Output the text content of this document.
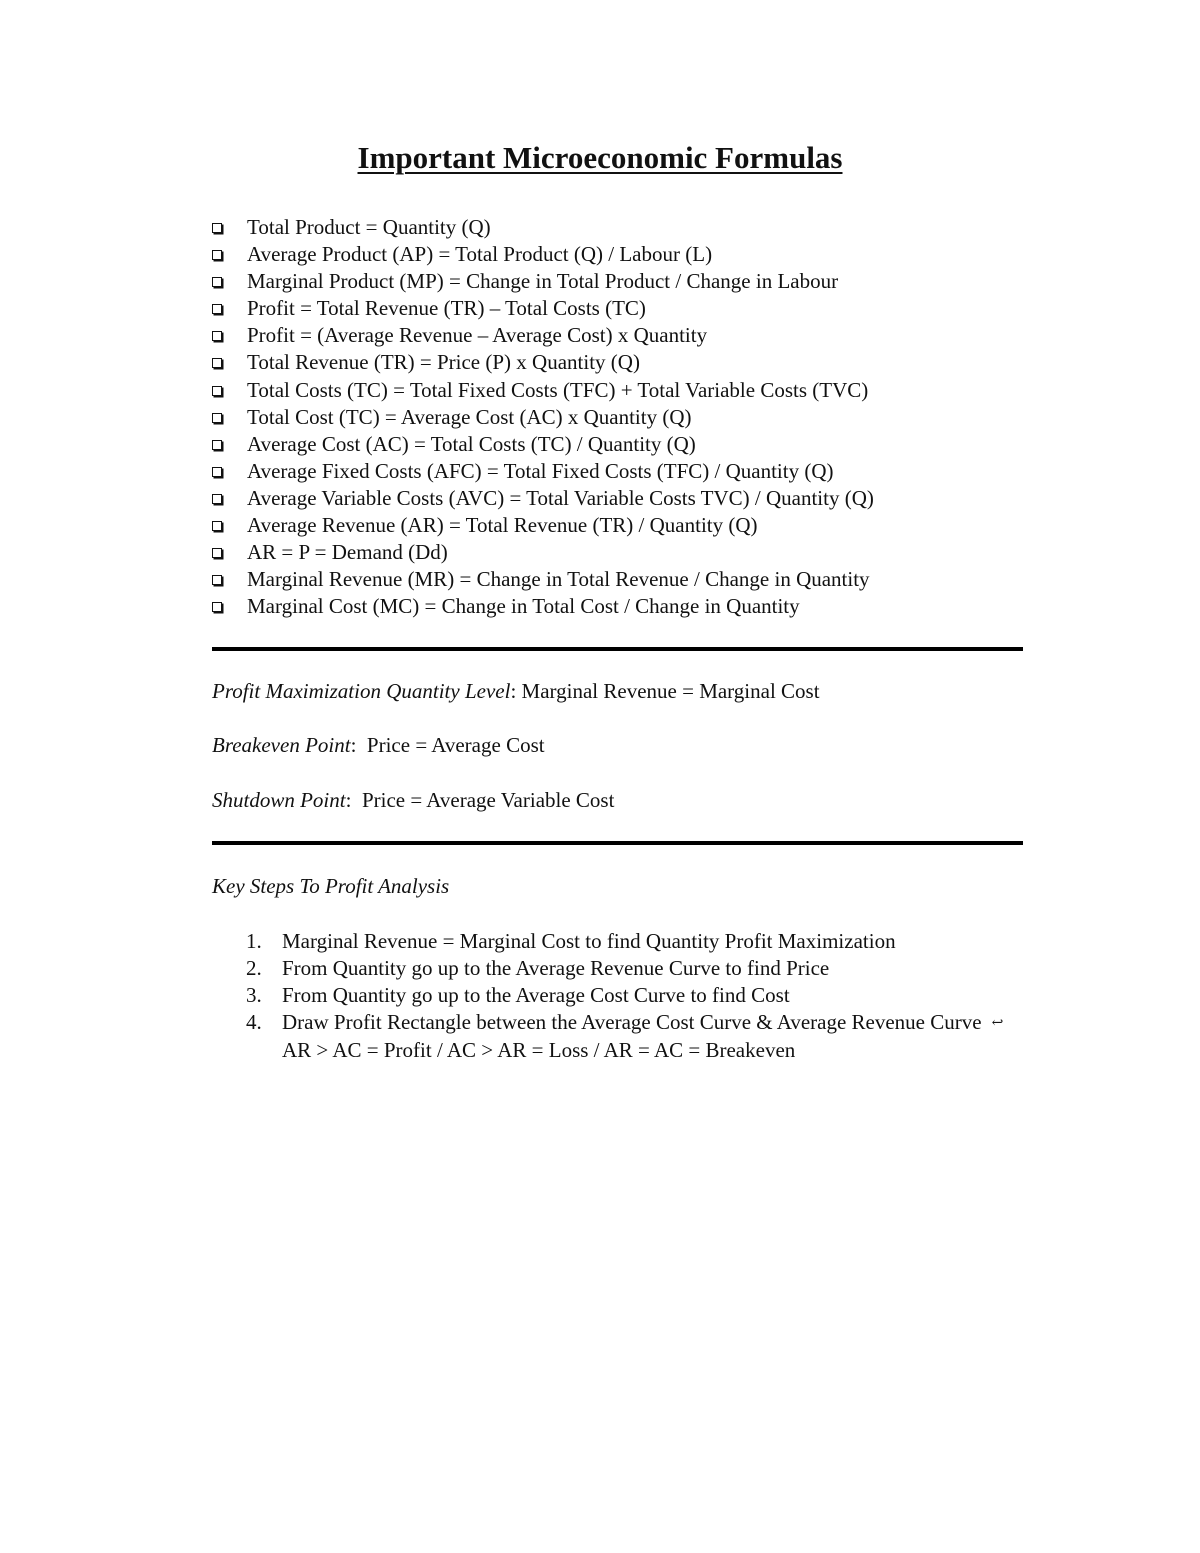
Important Microeconomic Formulas
Total Product = Quantity (Q)
Average Product (AP) = Total Product (Q) / Labour (L)
Marginal Product (MP) = Change in Total Product / Change in Labour
Profit = Total Revenue (TR) – Total Costs (TC)
Profit = (Average Revenue – Average Cost) x Quantity
Total Revenue (TR) = Price (P) x Quantity (Q)
Total Costs (TC) = Total Fixed Costs (TFC) + Total Variable Costs (TVC)
Total Cost (TC) = Average Cost (AC) x Quantity (Q)
Average Cost (AC) = Total Costs (TC) / Quantity (Q)
Average Fixed Costs (AFC) = Total Fixed Costs (TFC) / Quantity (Q)
Average Variable Costs (AVC) = Total Variable Costs TVC) / Quantity (Q)
Average Revenue (AR) = Total Revenue (TR) / Quantity (Q)
AR = P = Demand (Dd)
Marginal Revenue (MR) = Change in Total Revenue / Change in Quantity
Marginal Cost (MC) = Change in Total Cost / Change in Quantity
Profit Maximization Quantity Level: Marginal Revenue = Marginal Cost
Breakeven Point: Price = Average Cost
Shutdown Point: Price = Average Variable Cost
Key Steps To Profit Analysis
1. Marginal Revenue = Marginal Cost to find Quantity Profit Maximization
2. From Quantity go up to the Average Revenue Curve to find Price
3. From Quantity go up to the Average Cost Curve to find Cost
4. Draw Profit Rectangle between the Average Cost Curve & Average Revenue Curve ↩AR > AC = Profit / AC > AR = Loss / AR = AC = Breakeven
